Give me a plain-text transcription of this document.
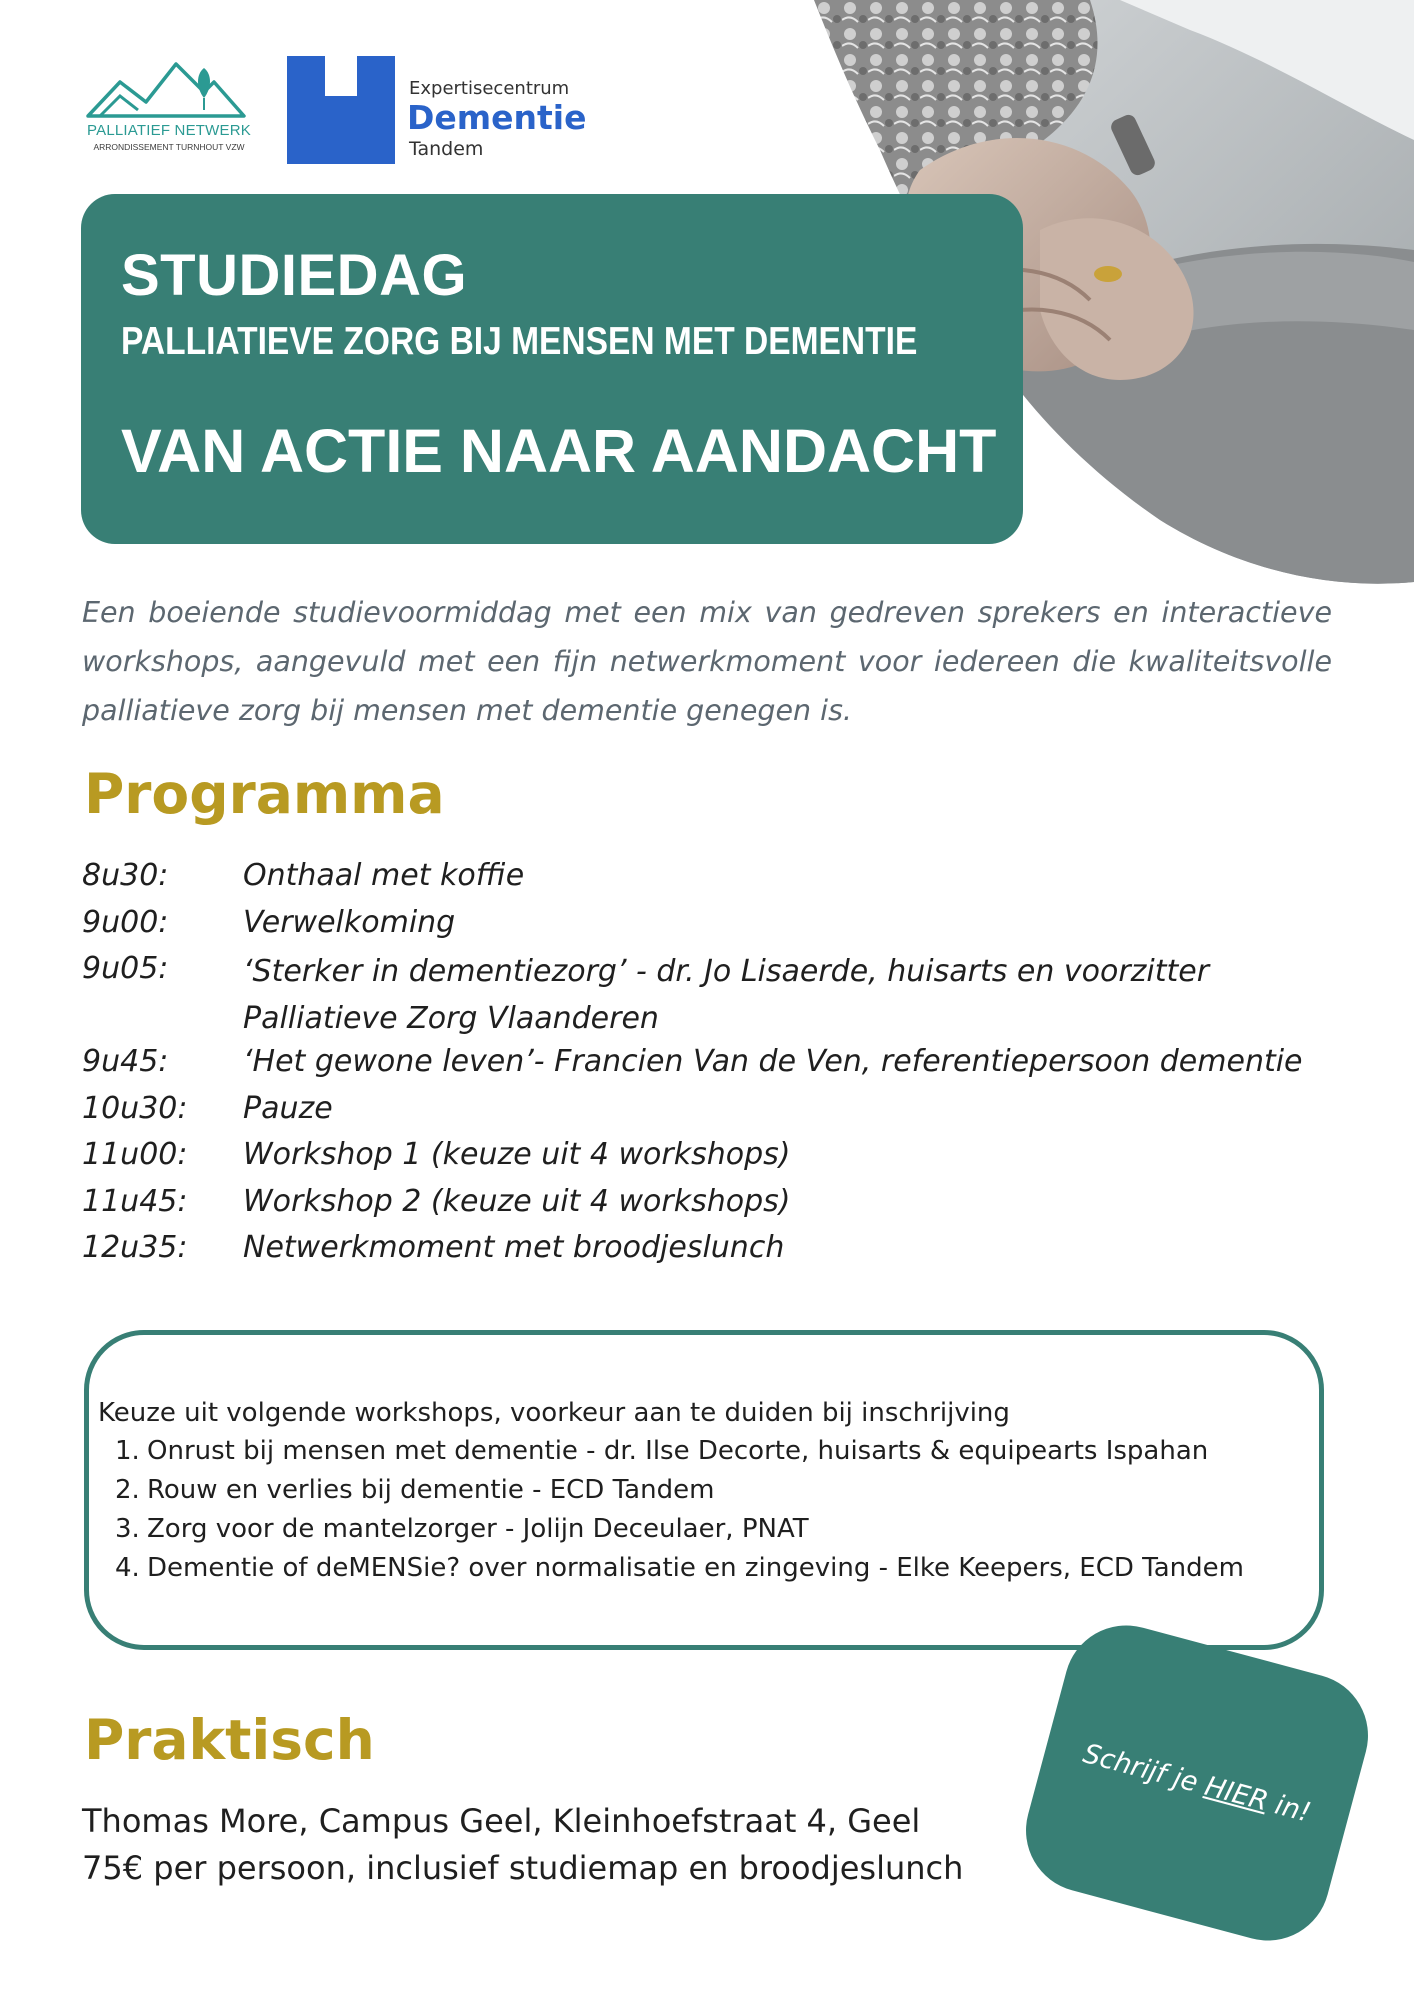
PALLIATIEF NETWERK
ARRONDISSEMENT TURNHOUT VZW
Expertisecentrum
Dementie
Tandem
STUDIEDAG
PALLIATIEVE ZORG BIJ MENSEN MET DEMENTIE
VAN ACTIE NAAR AANDACHT
Een boeiende studievoormiddag met een mix van gedreven sprekers en interactieve workshops, aangevuld met een fijn netwerkmoment voor iedereen die kwaliteitsvolle palliatieve zorg bij mensen met dementie genegen is.
Programma
8u30: Onthaal met koffie
9u00: Verwelkoming
9u05: ‘Sterker in dementiezorg’ - dr. Jo Lisaerde, huisarts en voorzitter Palliatieve Zorg Vlaanderen
9u45: ‘Het gewone leven’- Francien Van de Ven, referentiepersoon dementie
10u30: Pauze
11u00: Workshop 1 (keuze uit 4 workshops)
11u45: Workshop 2 (keuze uit 4 workshops)
12u35: Netwerkmoment met broodjeslunch
Keuze uit volgende workshops, voorkeur aan te duiden bij inschrijving
1. Onrust bij mensen met dementie - dr. Ilse Decorte, huisarts & equipearts Ispahan
2. Rouw en verlies bij dementie - ECD Tandem
3. Zorg voor de mantelzorger - Jolijn Deceulaer, PNAT
4. Dementie of deMENSie? over normalisatie en zingeving - Elke Keepers, ECD Tandem
Praktisch
Thomas More, Campus Geel, Kleinhoefstraat 4, Geel
75€ per persoon, inclusief studiemap en broodjeslunch
Schrijf je HIER in!
